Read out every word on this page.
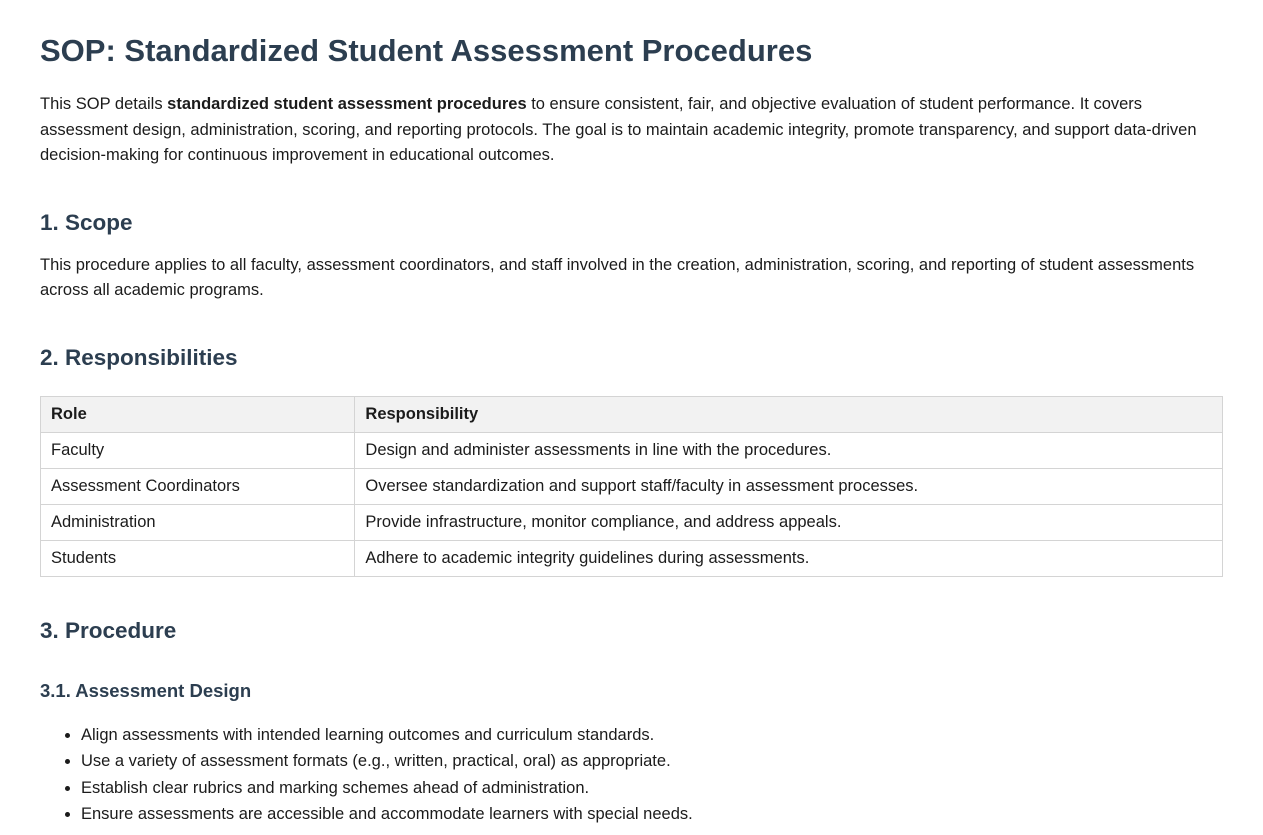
SOP: Standardized Student Assessment Procedures

This SOP details standardized student assessment procedures to ensure consistent, fair, and objective evaluation of student performance. It covers assessment design, administration, scoring, and reporting protocols. The goal is to maintain academic integrity, promote transparency, and support data-driven decision-making for continuous improvement in educational outcomes.

1. Scope

This procedure applies to all faculty, assessment coordinators, and staff involved in the creation, administration, scoring, and reporting of student assessments across all academic programs.

2. Responsibilities
Role	Responsibility
Faculty	Design and administer assessments in line with the procedures.
Assessment Coordinators	Oversee standardization and support staff/faculty in assessment processes.
Administration	Provide infrastructure, monitor compliance, and address appeals.
Students	Adhere to academic integrity guidelines during assessments.
3. Procedure
3.1. Assessment Design
• Align assessments with intended learning outcomes and curriculum standards.
• Use a variety of assessment formats (e.g., written, practical, oral) as appropriate.
• Establish clear rubrics and marking schemes ahead of administration.
• Ensure assessments are accessible and accommodate learners with special needs.
